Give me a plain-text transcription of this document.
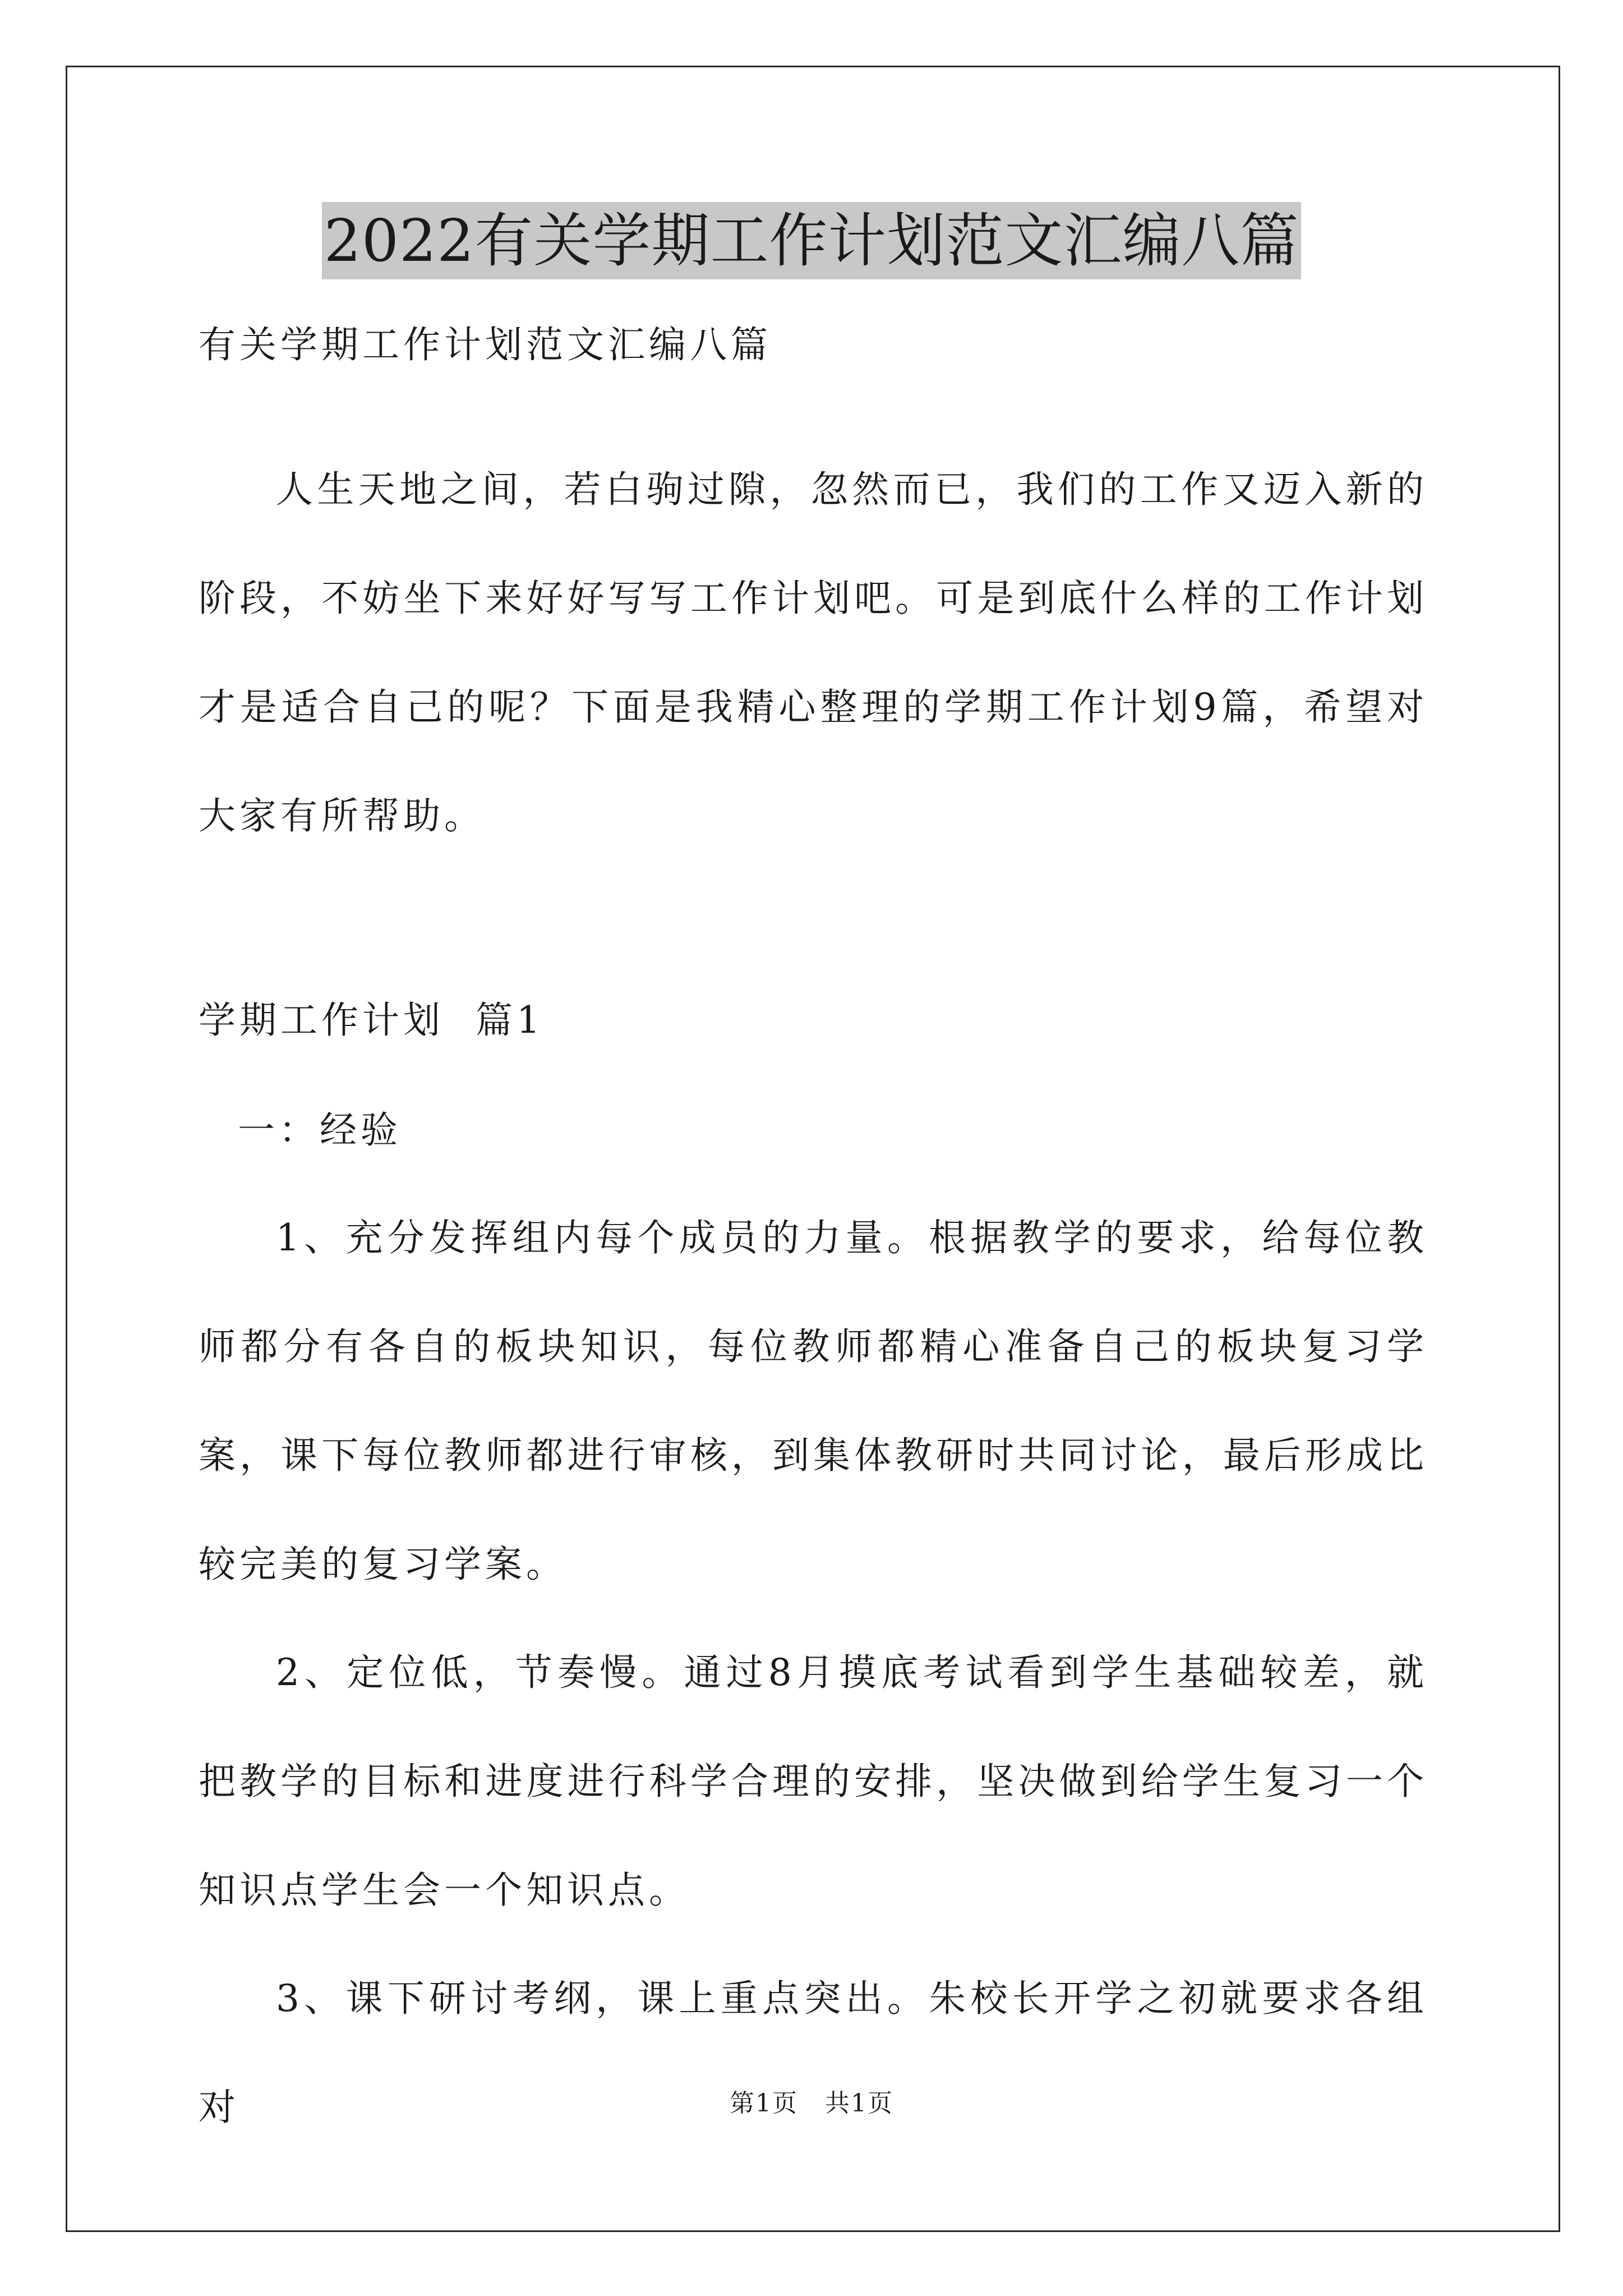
2022有关学期工作计划范文汇编八篇

有关学期工作计划范文汇编八篇

人生天地之间，若白驹过隙，忽然而已，我们的工作又迈入新的阶段，不妨坐下来好好写写工作计划吧。可是到底什么样的工作计划才是适合自己的呢？下面是我精心整理的学期工作计划9篇，希望对大家有所帮助。

学期工作计划  篇1

一：经验

1、充分发挥组内每个成员的力量。根据教学的要求，给每位教师都分有各自的板块知识，每位教师都精心准备自己的板块复习学案，课下每位教师都进行审核，到集体教研时共同讨论，最后形成比较完美的复习学案。

2、定位低，节奏慢。通过8月摸底考试看到学生基础较差，就把教学的目标和进度进行科学合理的安排，坚决做到给学生复习一个知识点学生会一个知识点。

3、课下研讨考纲，课上重点突出。朱校长开学之初就要求各组对	第1页   共1页
